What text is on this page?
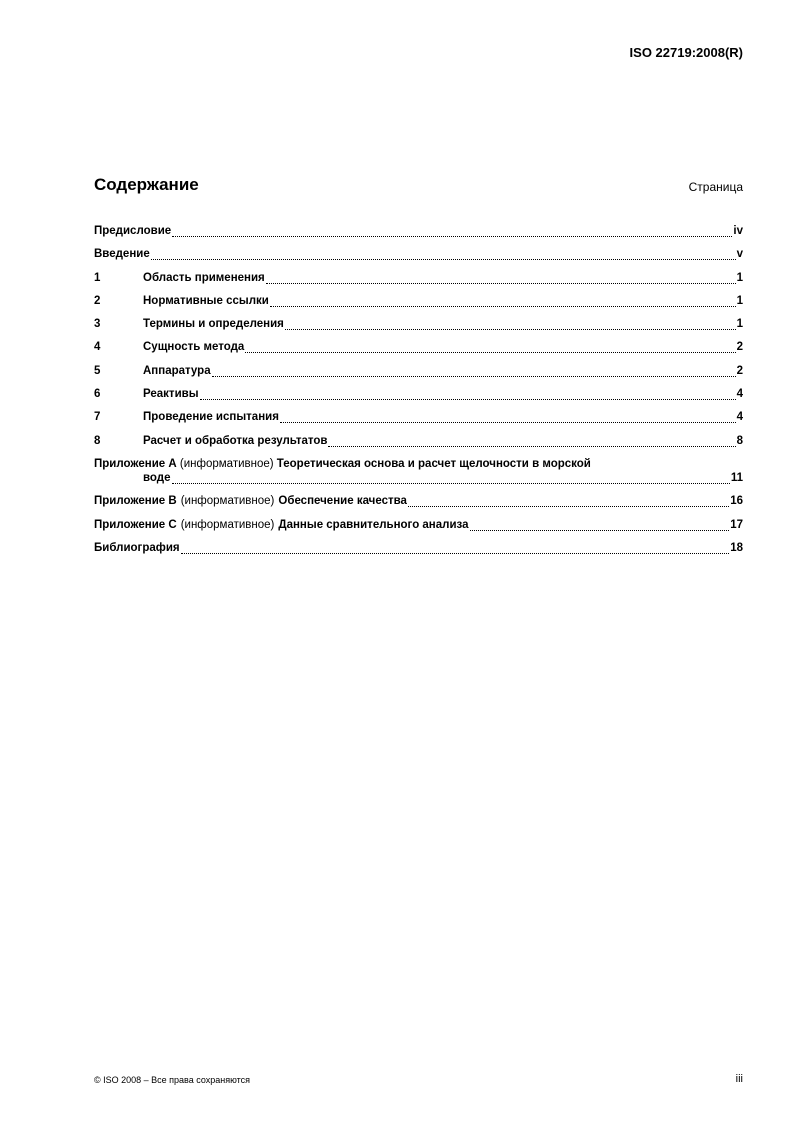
ISO 22719:2008(R)
Содержание	Страница
Предисловие	iv
Введение	v
1	Область применения	1
2	Нормативные ссылки	1
3	Термины и определения	1
4	Сущность метода	2
5	Аппаратура	2
6	Реактивы	4
7	Проведение испытания	4
8	Расчет и обработка результатов	8
Приложение A (информативное) Теоретическая основа и расчет щелочности в морской
воде	11
Приложение B (информативное) Обеспечение качества	16
Приложение C (информативное) Данные сравнительного анализа	17
Библиография	18
© ISO 2008 – Все права сохраняются	iii
